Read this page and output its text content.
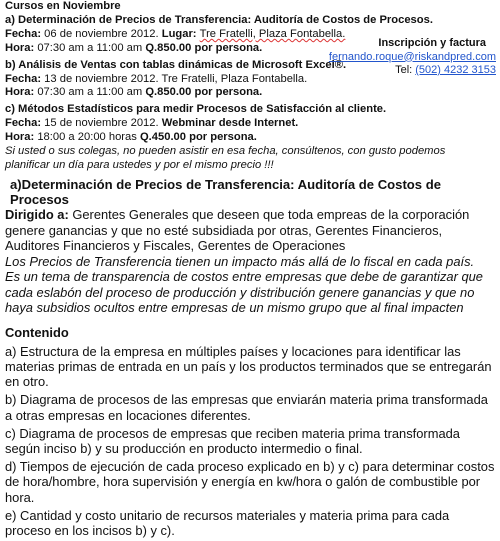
Cursos en Noviembre
a) Determinación de Precios de Transferencia: Auditoría de Costos de Procesos.
Fecha: 06 de noviembre 2012. Lugar: Tre Fratelli, Plaza Fontabella.
Hora: 07:30 am a 11:00 am Q.850.00 por persona.
b) Análisis de Ventas con tablas dinámicas de Microsoft Excel®.
Fecha: 13 de noviembre 2012. Tre Fratelli, Plaza Fontabella.
Hora: 07:30 am a 11:00 am Q.850.00 por persona.
c) Métodos Estadísticos para medir Procesos de Satisfacción al cliente.
Fecha: 15 de noviembre 2012. Webminar desde Internet.
Hora: 18:00 a 20:00 horas Q.450.00 por persona.
Si usted o sus colegas, no pueden asistir en esa fecha, consúltenos, con gusto podemos
planificar un día para ustedes y por el mismo precio !!!
a)Determinación de Precios de Transferencia: Auditoría de Costos de Procesos

Dirigido a: Gerentes Generales que deseen que toda empreas de la corporación genere ganancias y que no esté subsidiada por otras, Gerentes Financieros, Auditores Financieros y Fiscales, Gerentes de Operaciones

Los Precios de Transferencia tienen un impacto más allá de lo fiscal en cada país.

Es un tema de transparencia de costos entre empresas que debe de garantizar que cada eslabón del proceso de producción y distribución genere ganancias y que no haya subsidios ocultos entre empresas de un mismo grupo que al final impacten

Contenido
a) Estructura de la empresa en múltiples países y locaciones para identificar las materias primas de entrada en un país y los productos terminados que se entregarán en otro.
b) Diagrama de procesos de las empresas que enviarán materia prima transformada a otras empresas en locaciones diferentes.
c) Diagrama de procesos de empresas que reciben materia prima transformada según inciso b) y su producción en producto intermedio o final.
d) Tiempos de ejecución de cada proceso explicado en b) y c) para determinar costos de hora/hombre, hora supervisión y energía en kw/hora o galón de combustible por hora.
e) Cantidad y costo unitario de recursos materiales y materia prima para cada proceso en los incisos b) y c).
Inscripción y factura
fernando.roque@riskandpred.com
Tel: (502) 4232 3153
